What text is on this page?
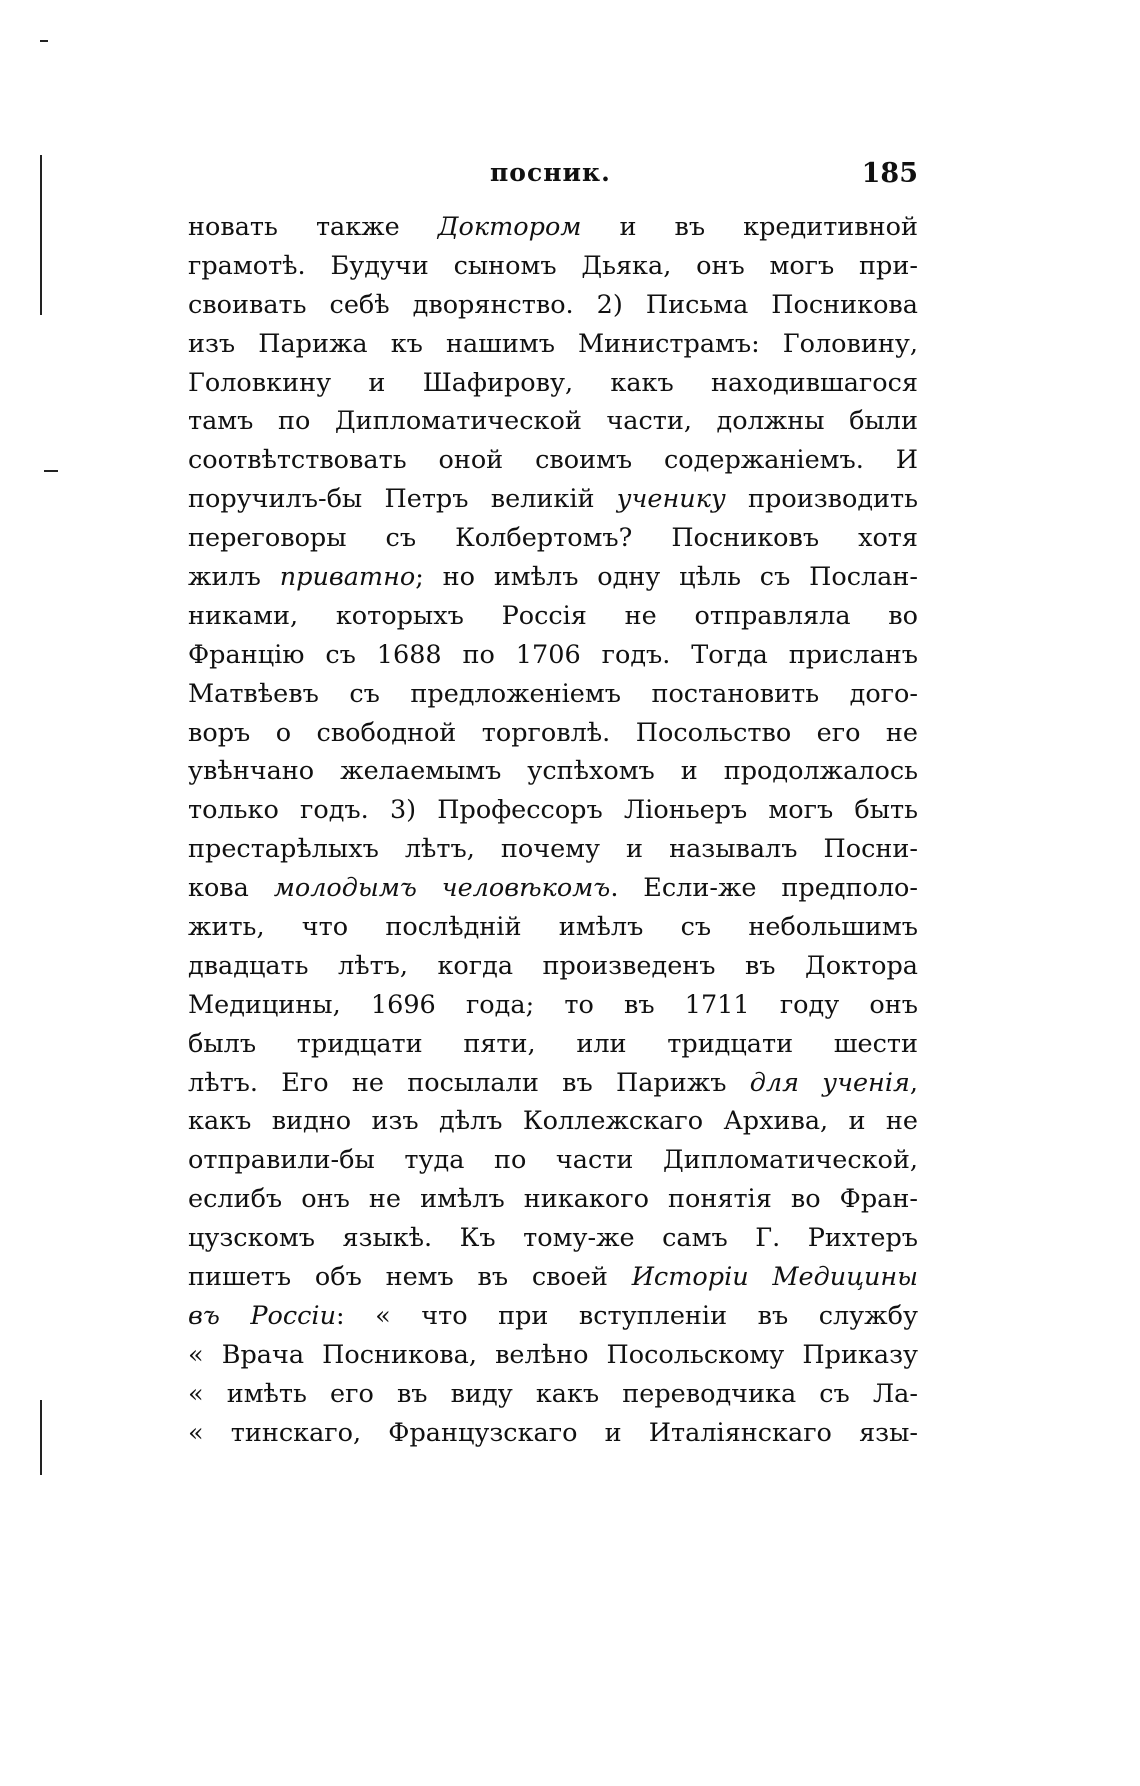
посник.	185
новать также Доктором и въ кредитивной
грамотѣ. Будучи сыномъ Дьяка, онъ могъ при-
своивать себѣ дворянство. 2) Письма Посникова
изъ Парижа къ нашимъ Министрамъ: Головину,
Головкину и Шафирову, какъ находившагося
тамъ по Дипломатической части, должны были
соотвѣтствовать оной своимъ содержаніемъ. И
поручилъ-бы Петръ великій ученику производить
переговоры съ Колбертомъ? Посниковъ хотя
жилъ приватно; но имѣлъ одну цѣль съ Послан-
никами, которыхъ Россія не отправляла во
Францію съ 1688 по 1706 годъ. Тогда присланъ
Матвѣевъ съ предложеніемъ постановить дого-
воръ о свободной торговлѣ. Посольство его не
увѣнчано желаемымъ успѣхомъ и продолжалось
только годъ. 3) Профессоръ Ліоньеръ могъ быть
престарѣлыхъ лѣтъ, почему и называлъ Посни-
кова молодымъ человѣкомъ. Если-же предполо-
жить, что послѣдній имѣлъ съ небольшимъ
двадцать лѣтъ, когда произведенъ въ Доктора
Медицины, 1696 года; то въ 1711 году онъ
былъ тридцати пяти, или тридцати шести
лѣтъ. Его не посылали въ Парижъ для ученія,
какъ видно изъ дѣлъ Коллежскаго Архива, и не
отправили-бы туда по части Дипломатической,
еслибъ онъ не имѣлъ никакого понятія во Фран-
цузскомъ языкѣ. Къ тому-же самъ Г. Рихтеръ
пишетъ объ немъ въ своей Исторіи Медицины
въ Россіи: « что при вступленіи въ службу
« Врача Посникова, велѣно Посольскому Приказу
« имѣть его въ виду какъ переводчика съ Ла-
« тинскаго, Французскаго и Италіянскаго язы-
